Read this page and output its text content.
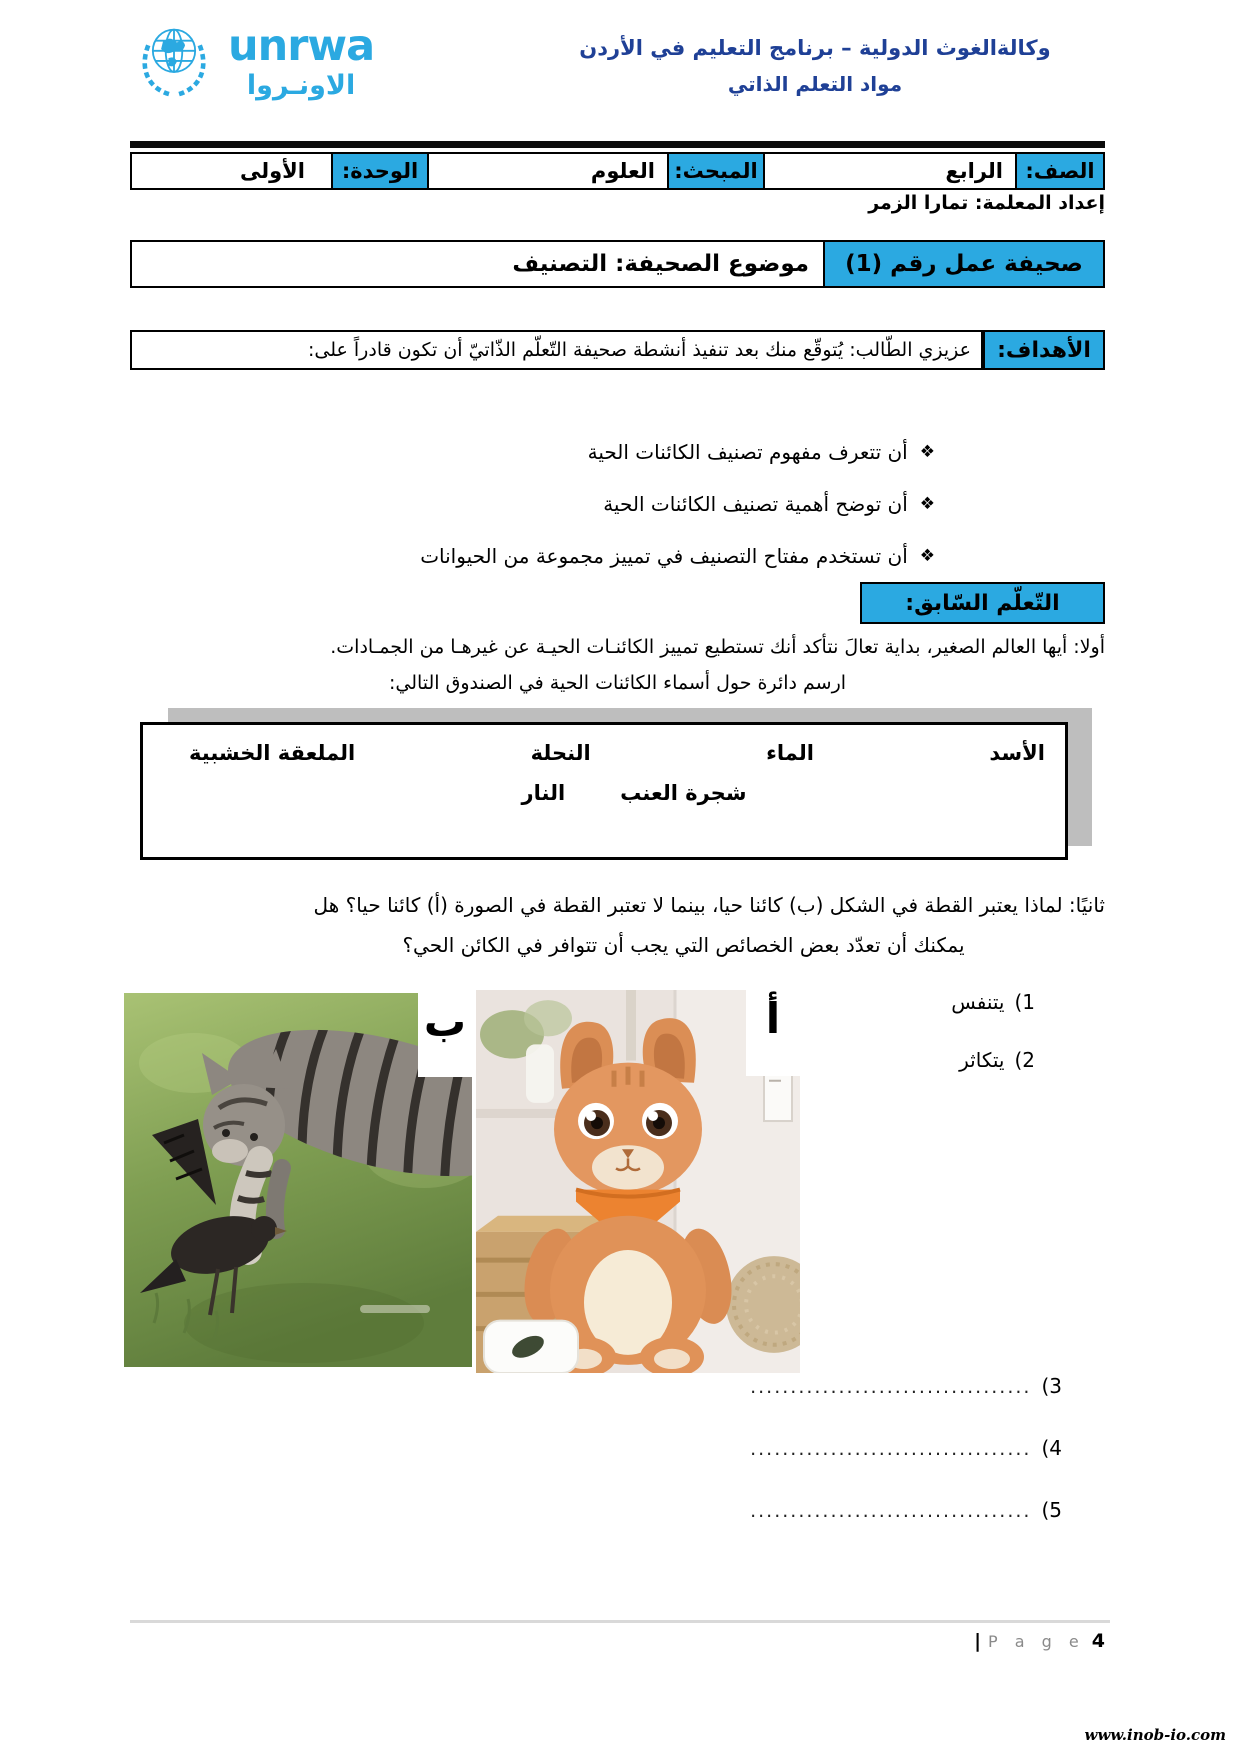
unrwa
الاونـروا
وكالةالغوث الدولية – برنامج التعليم في الأردن
مواد التعلم الذاتي
الصف:
الرابع
المبحث:
العلوم
الوحدة:
الأولى
إعداد المعلمة: تمارا الزمر
صحيفة عمل رقم (1)
موضوع الصحيفة: التصنيف
الأهداف:
عزيزي الطّالب: يُتوقّع منك بعد تنفيذ أنشطة صحيفة التّعلّم الذّاتيّ أن تكون قادراً على:
❖
أن تتعرف مفهوم تصنيف الكائنات الحية
❖
أن توضح أهمية تصنيف الكائنات الحية
❖
أن تستخدم مفتاح التصنيف في تمييز مجموعة من الحيوانات
التّعلّم السّابق:
أولا: أيها العالم الصغير، بداية تعالَ نتأكد أنك تستطيع تمييز الكائنـات الحيـة عن غيرهـا من الجمـادات.
ارسم دائرة حول أسماء الكائنات الحية في الصندوق التالي:
الأسد
الماء
النحلة
الملعقة الخشبية
شجرة العنب
النار
ثانيًا: لماذا يعتبر القطة في الشكل (ب) كائنا حيا، بينما لا تعتبر القطة في الصورة (أ) كائنا حيا؟ هل
يمكنك أن تعدّد بعض الخصائص التي يجب أن تتوافر في الكائن الحي؟
يتنفس (1
يتكاثر (2
ب	أ
................................... (3
................................... (4
................................... (5
| P a g e 4
www.inob-io.com
